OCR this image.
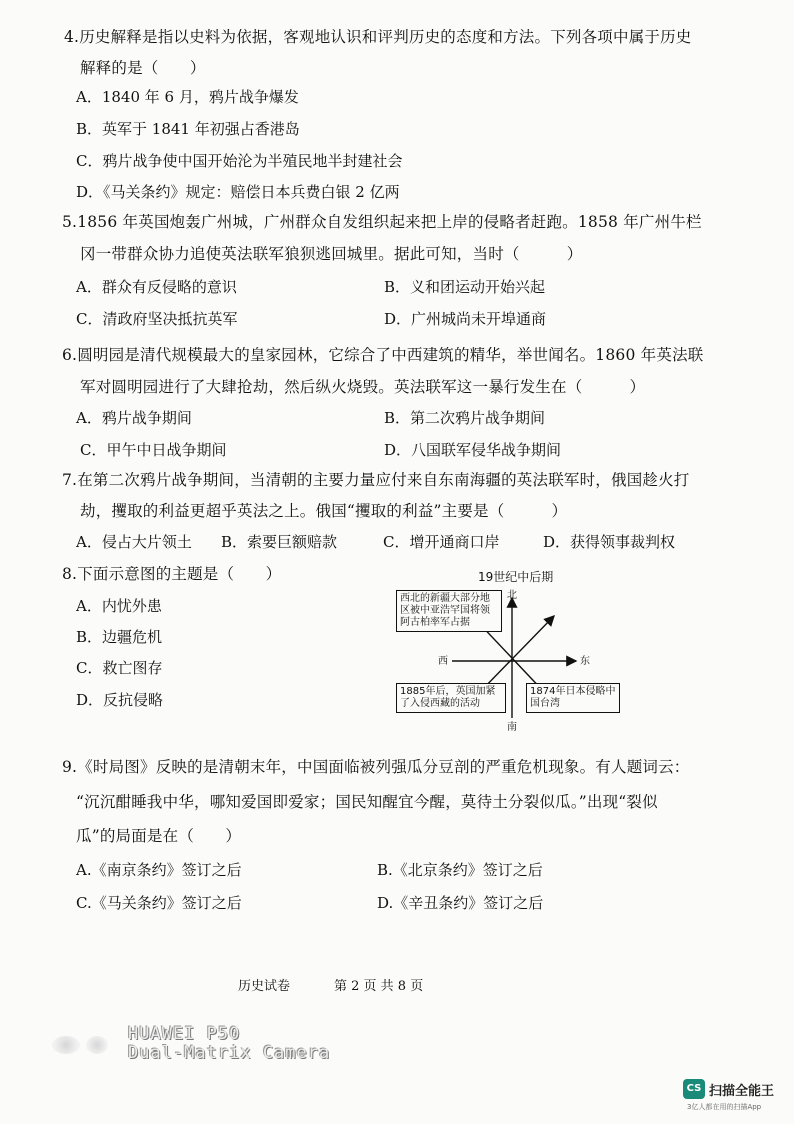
4.历史解释是指以史料为依据，客观地认识和评判历史的态度和方法。下列各项中属于历史
解释的是（　　）
A．1840 年 6 月，鸦片战争爆发
B．英军于 1841 年初强占香港岛
C．鸦片战争使中国开始沦为半殖民地半封建社会
D．《马关条约》规定：赔偿日本兵费白银 2 亿两
5.1856 年英国炮轰广州城，广州群众自发组织起来把上岸的侵略者赶跑。1858 年广州牛栏
冈一带群众协力追使英法联军狼狈逃回城里。据此可知，当时（　　　）
A．群众有反侵略的意识	B．义和团运动开始兴起
C．清政府坚决抵抗英军	D．广州城尚未开埠通商
6.圆明园是清代规模最大的皇家园林，它综合了中西建筑的精华，举世闻名。1860 年英法联
军对圆明园进行了大肆抢劫，然后纵火烧毁。英法联军这一暴行发生在（　　　）
A．鸦片战争期间	B．第二次鸦片战争期间
C．甲午中日战争期间	D．八国联军侵华战争期间
7.在第二次鸦片战争期间，当清朝的主要力量应付来自东南海疆的英法联军时，俄国趁火打
劫，攫取的利益更超乎英法之上。俄国“攫取的利益”主要是（　　　）
A．侵占大片领土 B．索要巨额赔款	C．增开通商口岸	D．获得领事裁判权
8.下面示意图的主题是（　　）
A．内忧外患
B．边疆危机
C．救亡图存
D．反抗侵略
19世纪中后期
北
南
东
西
西北的新疆大部分地区被中亚浩罕国将领阿古柏率军占据
1885年后，英国加紧了入侵西藏的活动
1874年日本侵略中国台湾
9.《时局图》反映的是清朝末年，中国面临被列强瓜分豆剖的严重危机现象。有人题词云：
“沉沉酣睡我中华，哪知爱国即爱家；国民知醒宜今醒，莫待土分裂似瓜。”出现“裂似
瓜”的局面是在（　　）
A.《南京条约》签订之后	B.《北京条约》签订之后
C.《马关条约》签订之后	D.《辛丑条约》签订之后
历史试卷	第 2 页 共 8 页
HUAWEI P50
Dual-Matrix Camera
CS 扫描全能王
3亿人都在用的扫描App
